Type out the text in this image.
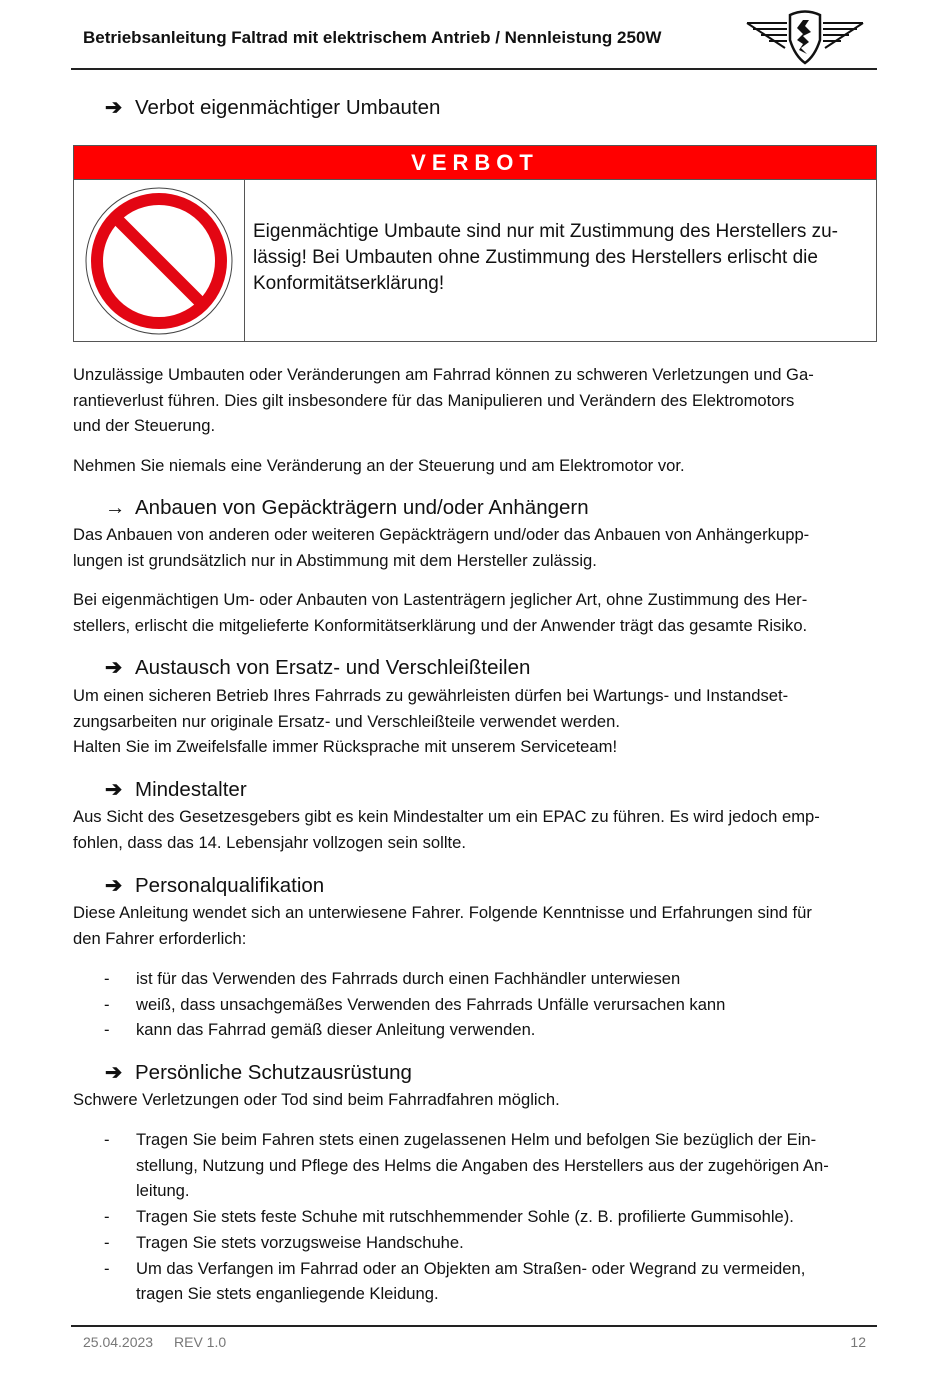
Betriebsanleitung Faltrad mit elektrischem Antrieb / Nennleistung 250W
➔ Verbot eigenmächtiger Umbauten
VERBOT
Eigenmächtige Umbaute sind nur mit Zustimmung des Herstellers zu-
lässig! Bei Umbauten ohne Zustimmung des Herstellers erlischt die
Konformitätserklärung!
Unzulässige Umbauten oder Veränderungen am Fahrrad können zu schweren Verletzungen und Ga-
rantieverlust führen. Dies gilt insbesondere für das Manipulieren und Verändern des Elektromotors
und der Steuerung.
Nehmen Sie niemals eine Veränderung an der Steuerung und am Elektromotor vor.
→ Anbauen von Gepäckträgern und/oder Anhängern
Das Anbauen von anderen oder weiteren Gepäckträgern und/oder das Anbauen von Anhängerkupp-
lungen ist grundsätzlich nur in Abstimmung mit dem Hersteller zulässig.
Bei eigenmächtigen Um- oder Anbauten von Lastenträgern jeglicher Art, ohne Zustimmung des Her-
stellers, erlischt die mitgelieferte Konformitätserklärung und der Anwender trägt das gesamte Risiko.
➔ Austausch von Ersatz- und Verschleißteilen
Um einen sicheren Betrieb Ihres Fahrrads zu gewährleisten dürfen bei Wartungs- und Instandset-
zungsarbeiten nur originale Ersatz- und Verschleißteile verwendet werden.
Halten Sie im Zweifelsfalle immer Rücksprache mit unserem Serviceteam!
➔ Mindestalter
Aus Sicht des Gesetzesgebers gibt es kein Mindestalter um ein EPAC zu führen. Es wird jedoch emp-
fohlen, dass das 14. Lebensjahr vollzogen sein sollte.
➔ Personalqualifikation
Diese Anleitung wendet sich an unterwiesene Fahrer. Folgende Kenntnisse und Erfahrungen sind für
den Fahrer erforderlich:
- ist für das Verwenden des Fahrrads durch einen Fachhändler unterwiesen
- weiß, dass unsachgemäßes Verwenden des Fahrrads Unfälle verursachen kann
- kann das Fahrrad gemäß dieser Anleitung verwenden.
➔ Persönliche Schutzausrüstung
Schwere Verletzungen oder Tod sind beim Fahrradfahren möglich.
- Tragen Sie beim Fahren stets einen zugelassenen Helm und befolgen Sie bezüglich der Ein-
stellung, Nutzung und Pflege des Helms die Angaben des Herstellers aus der zugehörigen An-
leitung.
- Tragen Sie stets feste Schuhe mit rutschhemmender Sohle (z. B. profilierte Gummisohle).
- Tragen Sie stets vorzugsweise Handschuhe.
- Um das Verfangen im Fahrrad oder an Objekten am Straßen- oder Wegrand zu vermeiden,
tragen Sie stets enganliegende Kleidung.
25.04.2023 REV 1.0	12
